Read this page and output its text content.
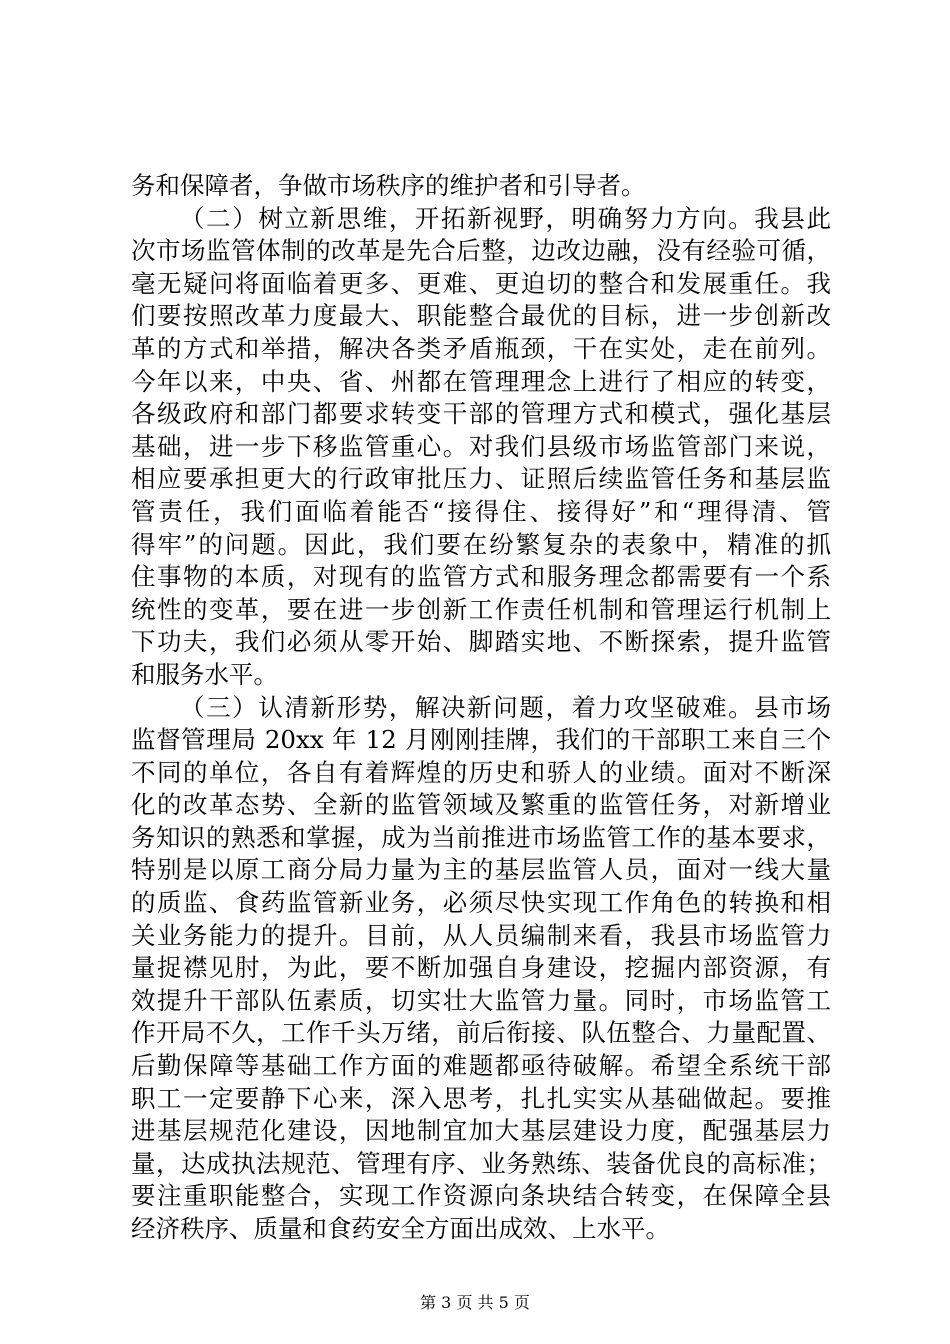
务和保障者，争做市场秩序的维护者和引导者。
（二）树立新思维，开拓新视野，明确努力方向。我县此
次市场监管体制的改革是先合后整，边改边融，没有经验可循，
毫无疑问将面临着更多、更难、更迫切的整合和发展重任。我
们要按照改革力度最大、职能整合最优的目标，进一步创新改
革的方式和举措，解决各类矛盾瓶颈，干在实处，走在前列。
今年以来，中央、省、州都在管理理念上进行了相应的转变，
各级政府和部门都要求转变干部的管理方式和模式，强化基层
基础，进一步下移监管重心。对我们县级市场监管部门来说，
相应要承担更大的行政审批压力、证照后续监管任务和基层监
管责任，我们面临着能否“接得住、接得好”和“理得清、管
得牢”的问题。因此，我们要在纷繁复杂的表象中，精准的抓
住事物的本质，对现有的监管方式和服务理念都需要有一个系
统性的变革，要在进一步创新工作责任机制和管理运行机制上
下功夫，我们必须从零开始、脚踏实地、不断探索，提升监管
和服务水平。
（三）认清新形势，解决新问题，着力攻坚破难。县市场
监督管理局 20xx 年 12 月刚刚挂牌，我们的干部职工来自三个
不同的单位，各自有着辉煌的历史和骄人的业绩。面对不断深
化的改革态势、全新的监管领域及繁重的监管任务，对新增业
务知识的熟悉和掌握，成为当前推进市场监管工作的基本要求，
特别是以原工商分局力量为主的基层监管人员，面对一线大量
的质监、食药监管新业务，必须尽快实现工作角色的转换和相
关业务能力的提升。目前，从人员编制来看，我县市场监管力
量捉襟见肘，为此，要不断加强自身建设，挖掘内部资源，有
效提升干部队伍素质，切实壮大监管力量。同时，市场监管工
作开局不久，工作千头万绪，前后衔接、队伍整合、力量配置、
后勤保障等基础工作方面的难题都亟待破解。希望全系统干部
职工一定要静下心来，深入思考，扎扎实实从基础做起。要推
进基层规范化建设，因地制宜加大基层建设力度，配强基层力
量，达成执法规范、管理有序、业务熟练、装备优良的高标准；
要注重职能整合，实现工作资源向条块结合转变，在保障全县
经济秩序、质量和食药安全方面出成效、上水平。
第 3 页 共 5 页
